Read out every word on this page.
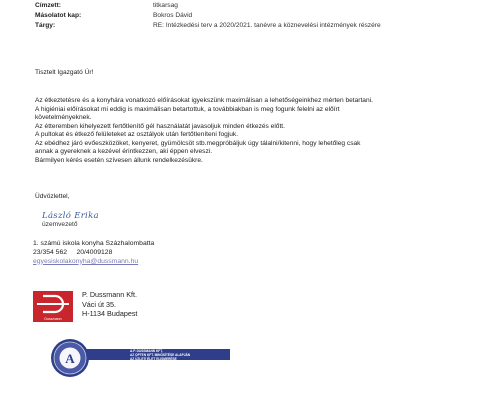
Címzett:	titkarsag
Másolatot kap:	Bokros Dávid
Tárgy:	RE: Intézkedési terv a 2020/2021. tanévre a köznevelési intézmények részére

Tisztelt Igazgató Úr!

Az étkeztetésre és a konyhára vonatkozó előírásokat igyekszünk maximálisan a lehetőségeinkhez mérten betartani.

A higiéniai előírásokat mi eddig is maximálisan betartottuk, a továbbiakban is meg fogunk felelni az előírt

követelményeknek.

Az étteremben kihelyezett fertőtlenítő gél használatát javasoljuk minden étkezés előtt.

A pultokat és étkező felületeket az osztályok után fertőtleníteni fogjuk.

Az ebédhez járó evőeszközöket, kenyeret, gyümölcsöt stb.megpróbáljuk úgy tálalni/kitenni, hogy lehetőleg csak

annak a gyereknek a kezével érintkezzen, aki éppen elveszi.

Bármilyen kérés esetén szívesen állunk rendelkezésükre.

Üdvözlettel,

László Erika
üzemvezető
1. számú iskola konyha Százhalombatta
23/354 562     20/4009128
egyesiskolakonyha@dussmann.hu
Dussmann
P. Dussmann Kft.
Váci út 35.
H-1134 Budapest
A.P. DUSSMANN KFT.
AZ OPTEN KFT. MINŐSÍTÉSE ALAPJÁN
AZ ÜZLETI ÉLET ELISMERÉSE
A
